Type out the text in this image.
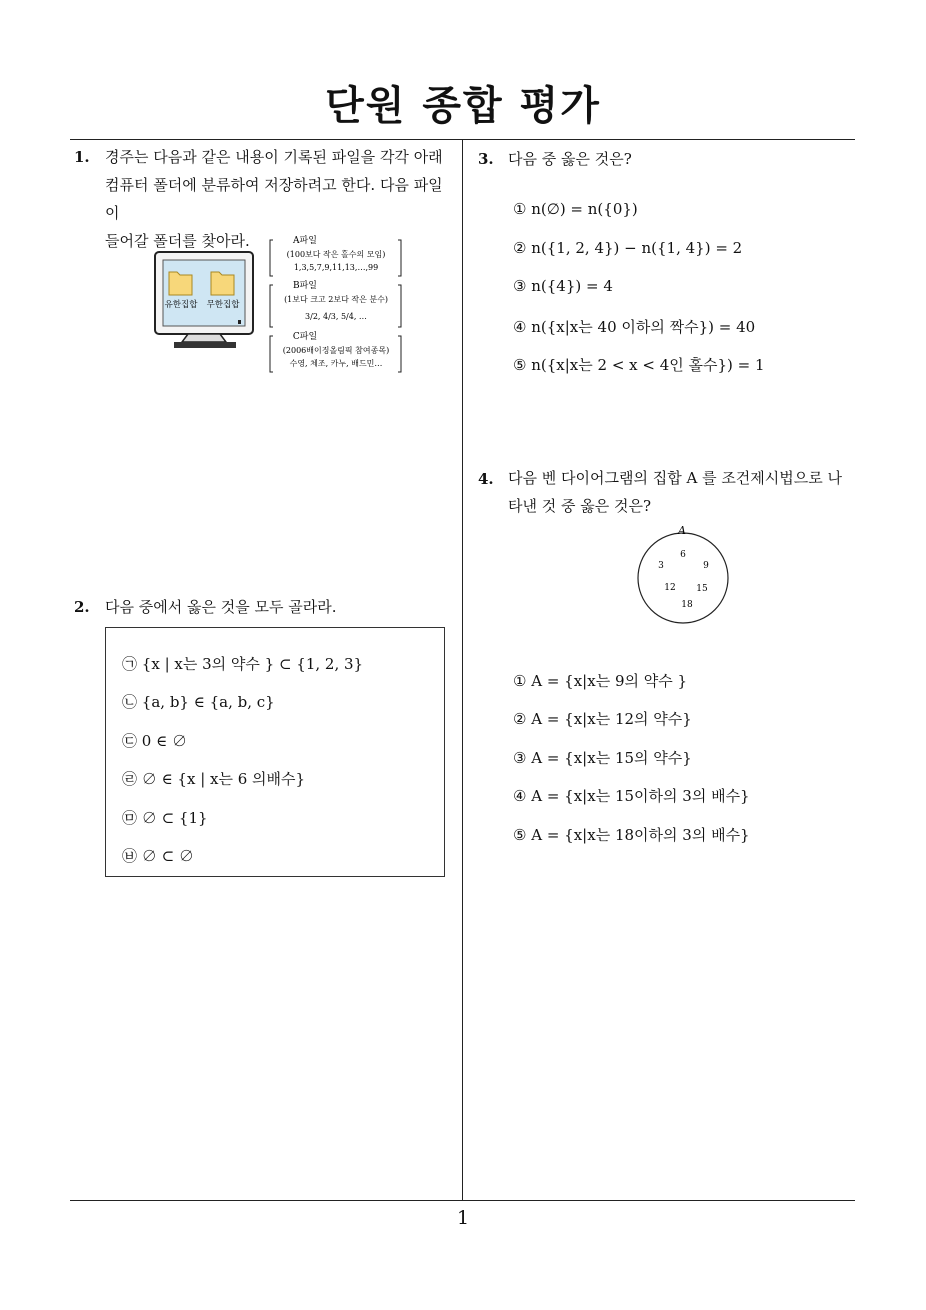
단원 종합 평가
1. 경주는 다음과 같은 내용이 기록된 파일을 각각 아래
컴퓨터 폴더에 분류하여 저장하려고 한다. 다음 파일이
들어갈 폴더를 찾아라.
유한집합 무한집합
A파일
(100보다 작은 홀수의 모임)
1,3,5,7,9,11,13,…,99
B파일
(1보다 크고 2보다 작은 분수)
3/2, 4/3, 5/4, …
C파일
(2006배이징올림픽 참여종목)
수영, 체조, 카누, 배드민…
2. 다음 중에서 옳은 것을 모두 골라라.
㉠ {x | x는 3의 약수 } ⊂ {1, 2, 3}
㉡ {a, b} ∈ {a, b, c}
㉢ 0 ∈ ∅
㉣ ∅ ∈ {x | x는 6 의배수}
㉤ ∅ ⊂ {1}
㉥ ∅ ⊂ ∅
3. 다음 중 옳은 것은?
① n(∅) = n({0})
② n({1, 2, 4}) − n({1, 4}) = 2
③ n({4}) = 4
④ n({x|x는 40 이하의 짝수}) = 40
⑤ n({x|x는 2 < x < 4인 홀수}) = 1
4. 다음 벤 다이어그램의 집합 A 를 조건제시법으로 나
타낸 것 중 옳은 것은?
A
6
3	9
12 15
18
① A = {x|x는 9의 약수 }
② A = {x|x는 12의 약수}
③ A = {x|x는 15의 약수}
④ A = {x|x는 15이하의 3의 배수}
⑤ A = {x|x는 18이하의 3의 배수}
1
